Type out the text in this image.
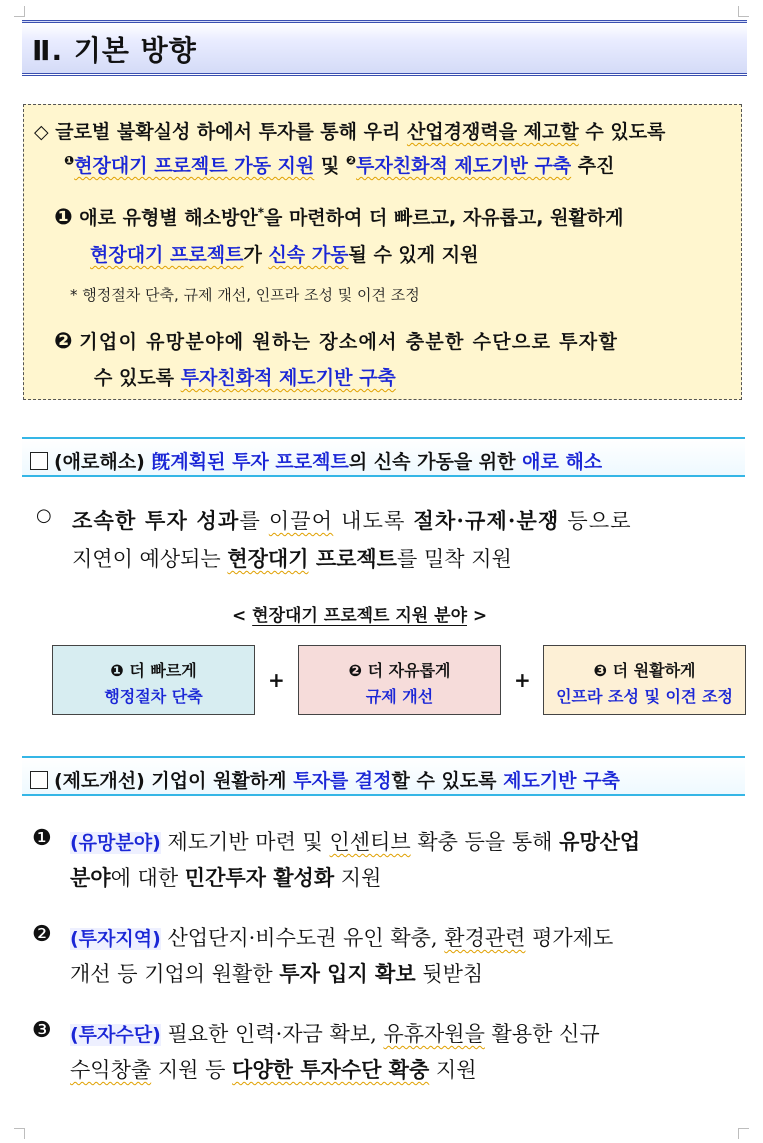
Ⅱ. 기본 방향
◇ 글로벌 불확실성 하에서 투자를 통해 우리 산업경쟁력을 제고할 수 있도록
$^❶$현장대기 프로젝트 가동 지원 및 $^❷$투자친화적 제도기반 구축 추진
❶ 애로 유형별 해소방안*을 마련하여 더 빠르고, 자유롭고, 원활하게
현장대기 프로젝트가 신속 가동될 수 있게 지원
* 행정절차 단축, 규제 개선, 인프라 조성 및 이견 조정
❷ 기업이 유망분야에 원하는 장소에서 충분한 수단으로 투자할
수 있도록 투자친화적 제도기반 구축
(애로해소) 旣계획된 투자 프로젝트의 신속 가동을 위한 애로 해소
○ 조속한 투자 성과를 이끌어 내도록 절차·규제·분쟁 등으로
지연이 예상되는 현장대기 프로젝트를 밀착 지원
< 현장대기 프로젝트 지원 분야 >
❶ 더 빠르게
행정절차 단축
+	❷ 더 자유롭게
규제 개선
+	❸ 더 원활하게
인프라 조성 및 이견 조정
(제도개선) 기업이 원활하게 투자를 결정할 수 있도록 제도기반 구축
❶ (유망분야) 제도기반 마련 및 인센티브 확충 등을 통해 유망산업
분야에 대한 민간투자 활성화 지원
❷ (투자지역) 산업단지·비수도권 유인 확충, 환경관련 평가제도
개선 등 기업의 원활한 투자 입지 확보 뒷받침
❸ (투자수단) 필요한 인력·자금 확보, 유휴자원을 활용한 신규
수익창출 지원 등 다양한 투자수단 확충 지원
